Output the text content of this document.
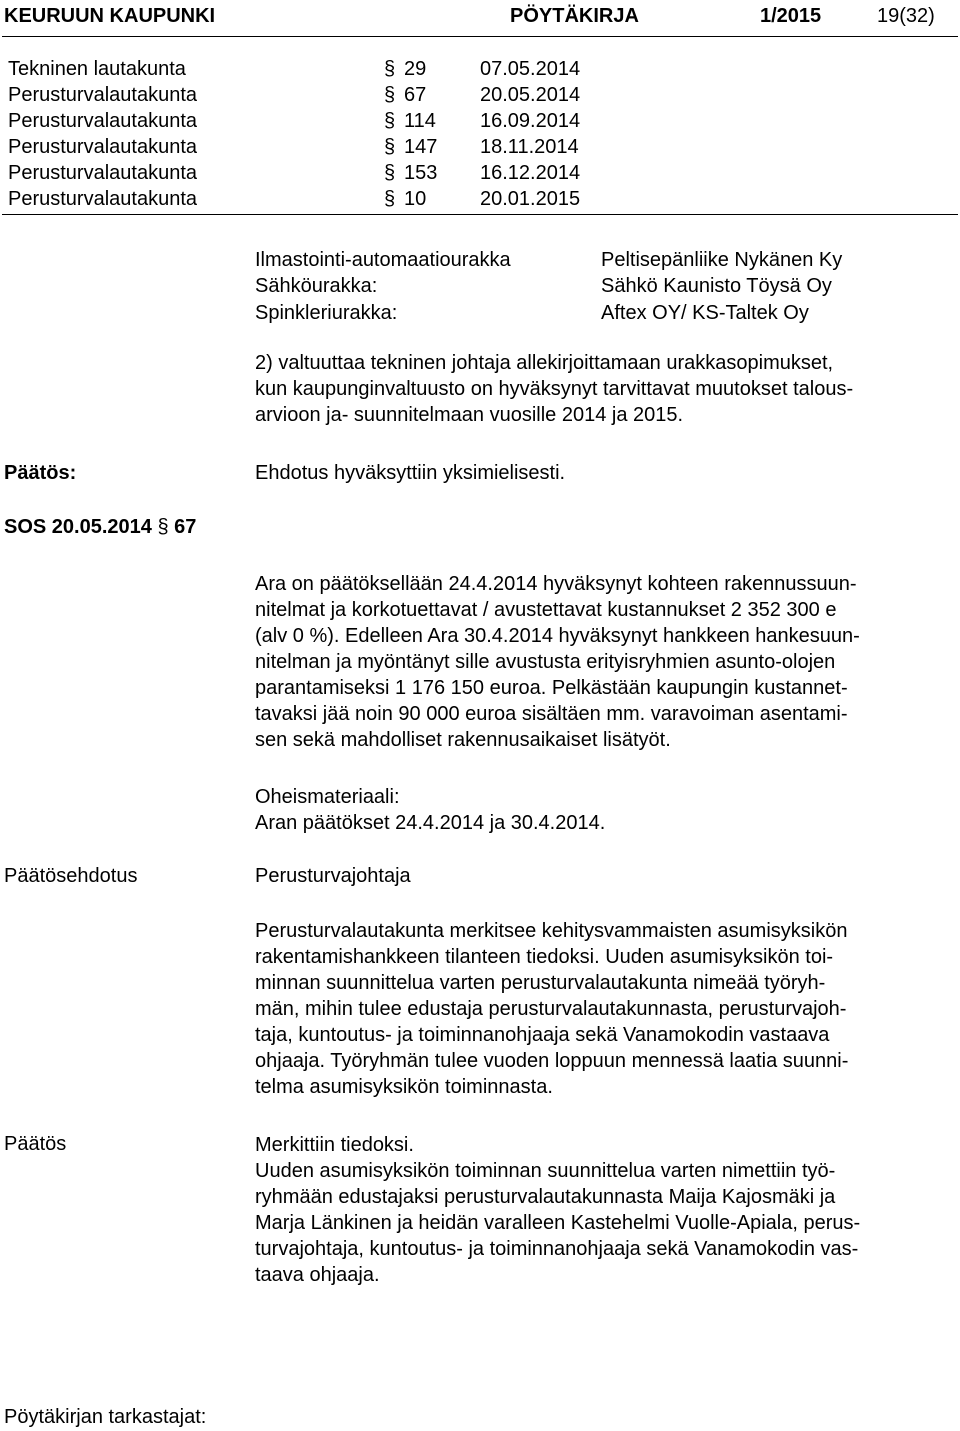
KEURUUN KAUPUNKI	PÖYTÄKIRJA	1/2015	19(32)
Tekninen lautakunta	§ 29	07.05.2014
Perusturvalautakunta	§ 67	20.05.2014
Perusturvalautakunta	§ 114 16.09.2014
Perusturvalautakunta	§ 147 18.11.2014
Perusturvalautakunta	§ 153 16.12.2014
Perusturvalautakunta	§ 10	20.01.2015
Ilmastointi-automaatiourakka	Peltisepänliike Nykänen Ky
Sähköurakka:	Sähkö Kaunisto Töysä Oy
Spinkleriurakka:	Aftex OY/ KS-Taltek Oy
2) valtuuttaa tekninen johtaja allekirjoittamaan urakkasopimukset,
kun kaupunginvaltuusto on hyväksynyt tarvittavat muutokset talous-
arvioon ja- suunnitelmaan vuosille 2014 ja 2015.
Päätös:	Ehdotus hyväksyttiin yksimielisesti.
SOS 20.05.2014 § 67
Ara on päätöksellään 24.4.2014 hyväksynyt kohteen rakennussuun-
nitelmat ja korkotuettavat / avustettavat kustannukset 2 352 300 e
(alv 0 %). Edelleen Ara 30.4.2014 hyväksynyt hankkeen hankesuun-
nitelman ja myöntänyt sille avustusta erityisryhmien asunto-olojen
parantamiseksi 1 176 150 euroa. Pelkästään kaupungin kustannet-
tavaksi jää noin 90 000 euroa sisältäen mm. varavoiman asentami-
sen sekä mahdolliset rakennusaikaiset lisätyöt.
Oheismateriaali:
Aran päätökset 24.4.2014 ja 30.4.2014.
Päätösehdotus	Perusturvajohtaja
Perusturvalautakunta merkitsee kehitysvammaisten asumisyksikön
rakentamishankkeen tilanteen tiedoksi. Uuden asumisyksikön toi-
minnan suunnittelua varten perusturvalautakunta nimeää työryh-
män, mihin tulee edustaja perusturvalautakunnasta, perusturvajoh-
taja, kuntoutus- ja toiminnanohjaaja sekä Vanamokodin vastaava
ohjaaja. Työryhmän tulee vuoden loppuun mennessä laatia suunni-
telma asumisyksikön toiminnasta.
Päätös	Merkittiin tiedoksi.
Uuden asumisyksikön toiminnan suunnittelua varten nimettiin työ-
ryhmään edustajaksi perusturvalautakunnasta Maija Kajosmäki ja
Marja Länkinen ja heidän varalleen Kastehelmi Vuolle-Apiala, perus-
turvajohtaja, kuntoutus- ja toiminnanohjaaja sekä Vanamokodin vas-
taava ohjaaja.
Pöytäkirjan tarkastajat:
